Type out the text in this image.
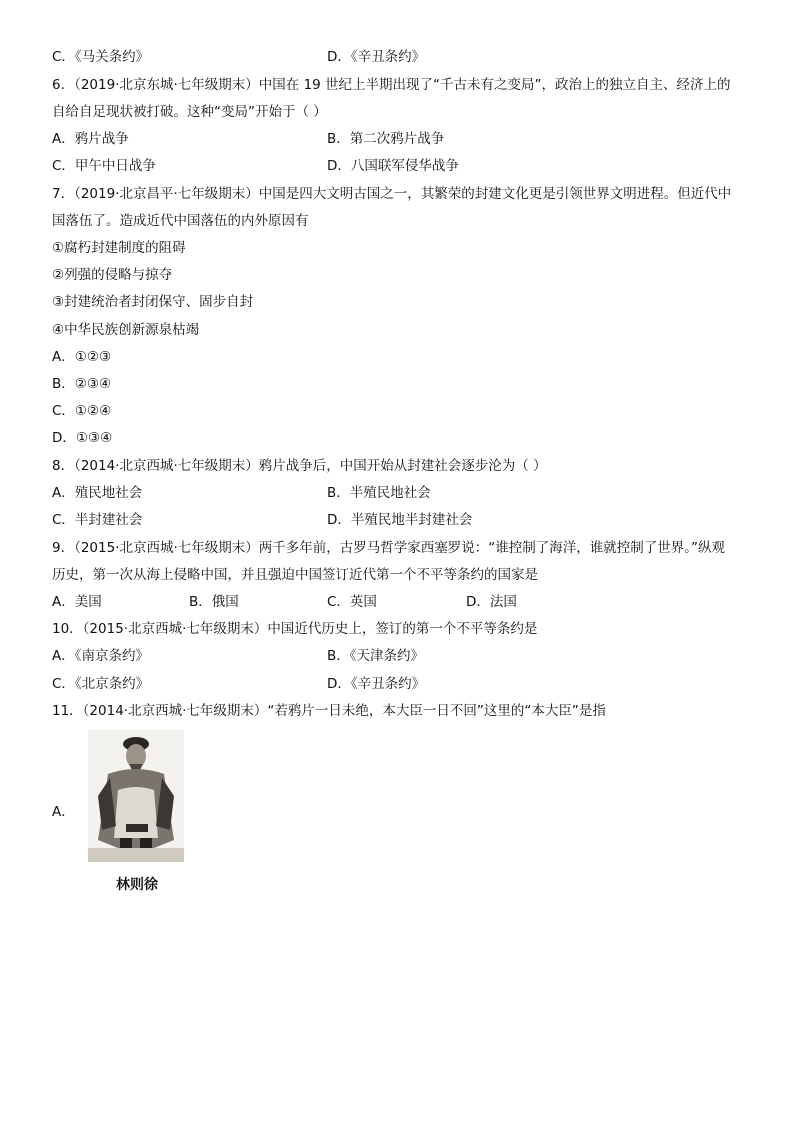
C．《马关条约》	D．《辛丑条约》
6．（2019·北京东城·七年级期末）中国在 19 世纪上半期出现了“千古未有之变局”，政治上的独立自主、经济上的
自给自足现状被打破。这种“变局”开始于（ ）
A．鸦片战争	B．第二次鸦片战争
C．甲午中日战争	D．八国联军侵华战争
7．（2019·北京昌平·七年级期末）中国是四大文明古国之一，其繁荣的封建文化更是引领世界文明进程。但近代中
国落伍了。造成近代中国落伍的内外原因有
①腐朽封建制度的阻碍
②列强的侵略与掠夺
③封建统治者封闭保守、固步自封
④中华民族创新源泉枯竭
A．①②③
B．②③④
C．①②④
D．①③④
8．（2014·北京西城·七年级期末）鸦片战争后，中国开始从封建社会逐步沦为（ ）
A．殖民地社会	B．半殖民地社会
C．半封建社会	D．半殖民地半封建社会
9．（2015·北京西城·七年级期末）两千多年前，古罗马哲学家西塞罗说：“谁控制了海洋，谁就控制了世界。”纵观
历史，第一次从海上侵略中国，并且强迫中国签订近代第一个不平等条约的国家是
A．美国	B．俄国	C．英国	D．法国
10．（2015·北京西城·七年级期末）中国近代历史上，签订的第一个不平等条约是
A．《南京条约》	B．《天津条约》
C．《北京条约》	D．《辛丑条约》
11．（2014·北京西城·七年级期末）“若鸦片一日未绝，本大臣一日不回”这里的“本大臣”是指
A．
林则徐
